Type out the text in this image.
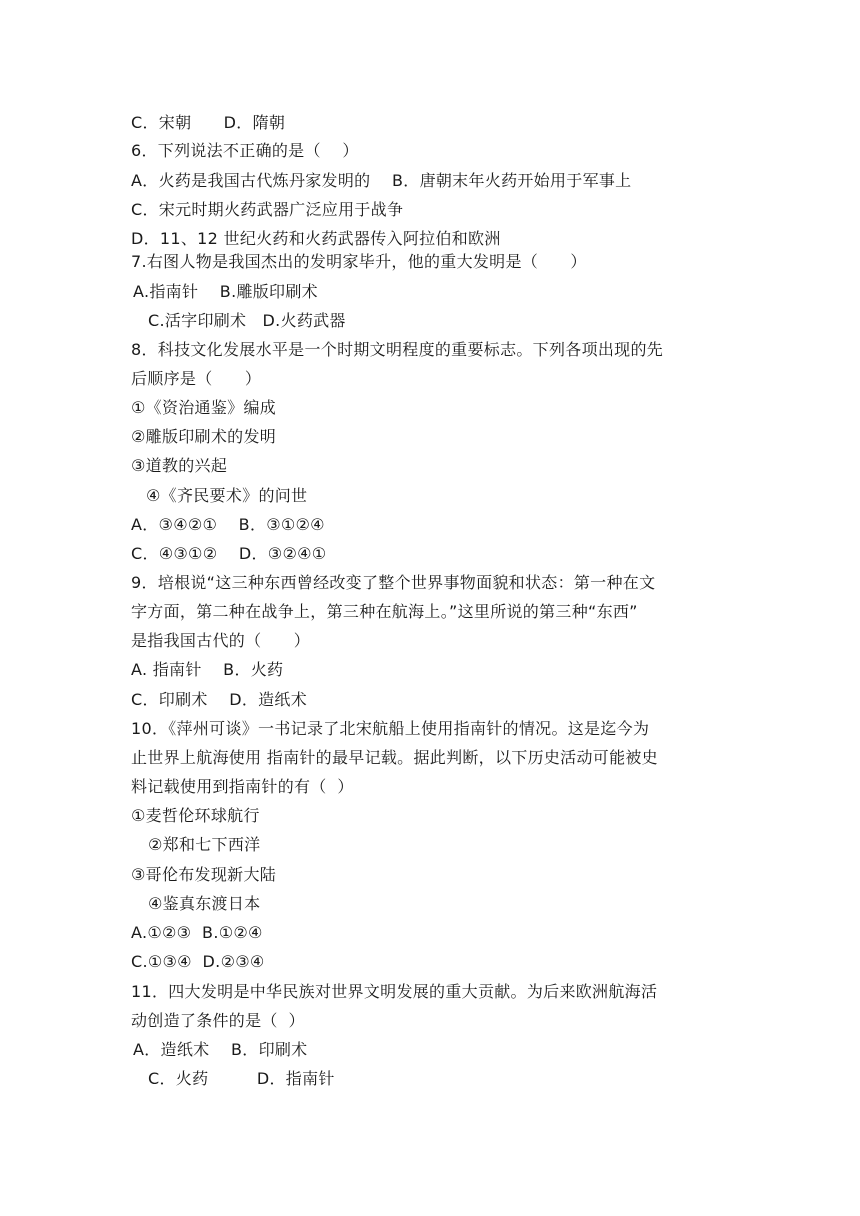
C．宋朝      D．隋朝
6．下列说法不正确的是（    ）
A．火药是我国古代炼丹家发明的    B．唐朝末年火药开始用于军事上
C．宋元时期火药武器广泛应用于战争
D．11、12 世纪火药和火药武器传入阿拉伯和欧洲
7.右图人物是我国杰出的发明家毕升，他的重大发明是（      ）
A.指南针    B.雕版印刷术
C.活字印刷术   D.火药武器
8．科技文化发展水平是一个时期文明程度的重要标志。下列各项出现的先
后顺序是（      ）
①《资治通鉴》编成
②雕版印刷术的发明
③道教的兴起
④《齐民要术》的问世
A．③④②①    B．③①②④
C．④③①②    D．③②④①
9．培根说“这三种东西曾经改变了整个世界事物面貌和状态：第一种在文
字方面，第二种在战争上，第三种在航海上。”这里所说的第三种“东西”
是指我国古代的（      ）
A. 指南针    B．火药
C．印刷术    D．造纸术
10．《萍州可谈》一书记录了北宋航船上使用指南针的情况。这是迄今为
止世界上航海使用 指南针的最早记载。据此判断，以下历史活动可能被史
料记载使用到指南针的有（  ）
①麦哲伦环球航行
②郑和七下西洋
③哥伦布发现新大陆
④鉴真东渡日本
A.①②③  B.①②④
C.①③④  D.②③④
11．四大发明是中华民族对世界文明发展的重大贡献。为后来欧洲航海活
动创造了条件的是（  ）
A．造纸术    B．印刷术
C．火药         D．指南针
